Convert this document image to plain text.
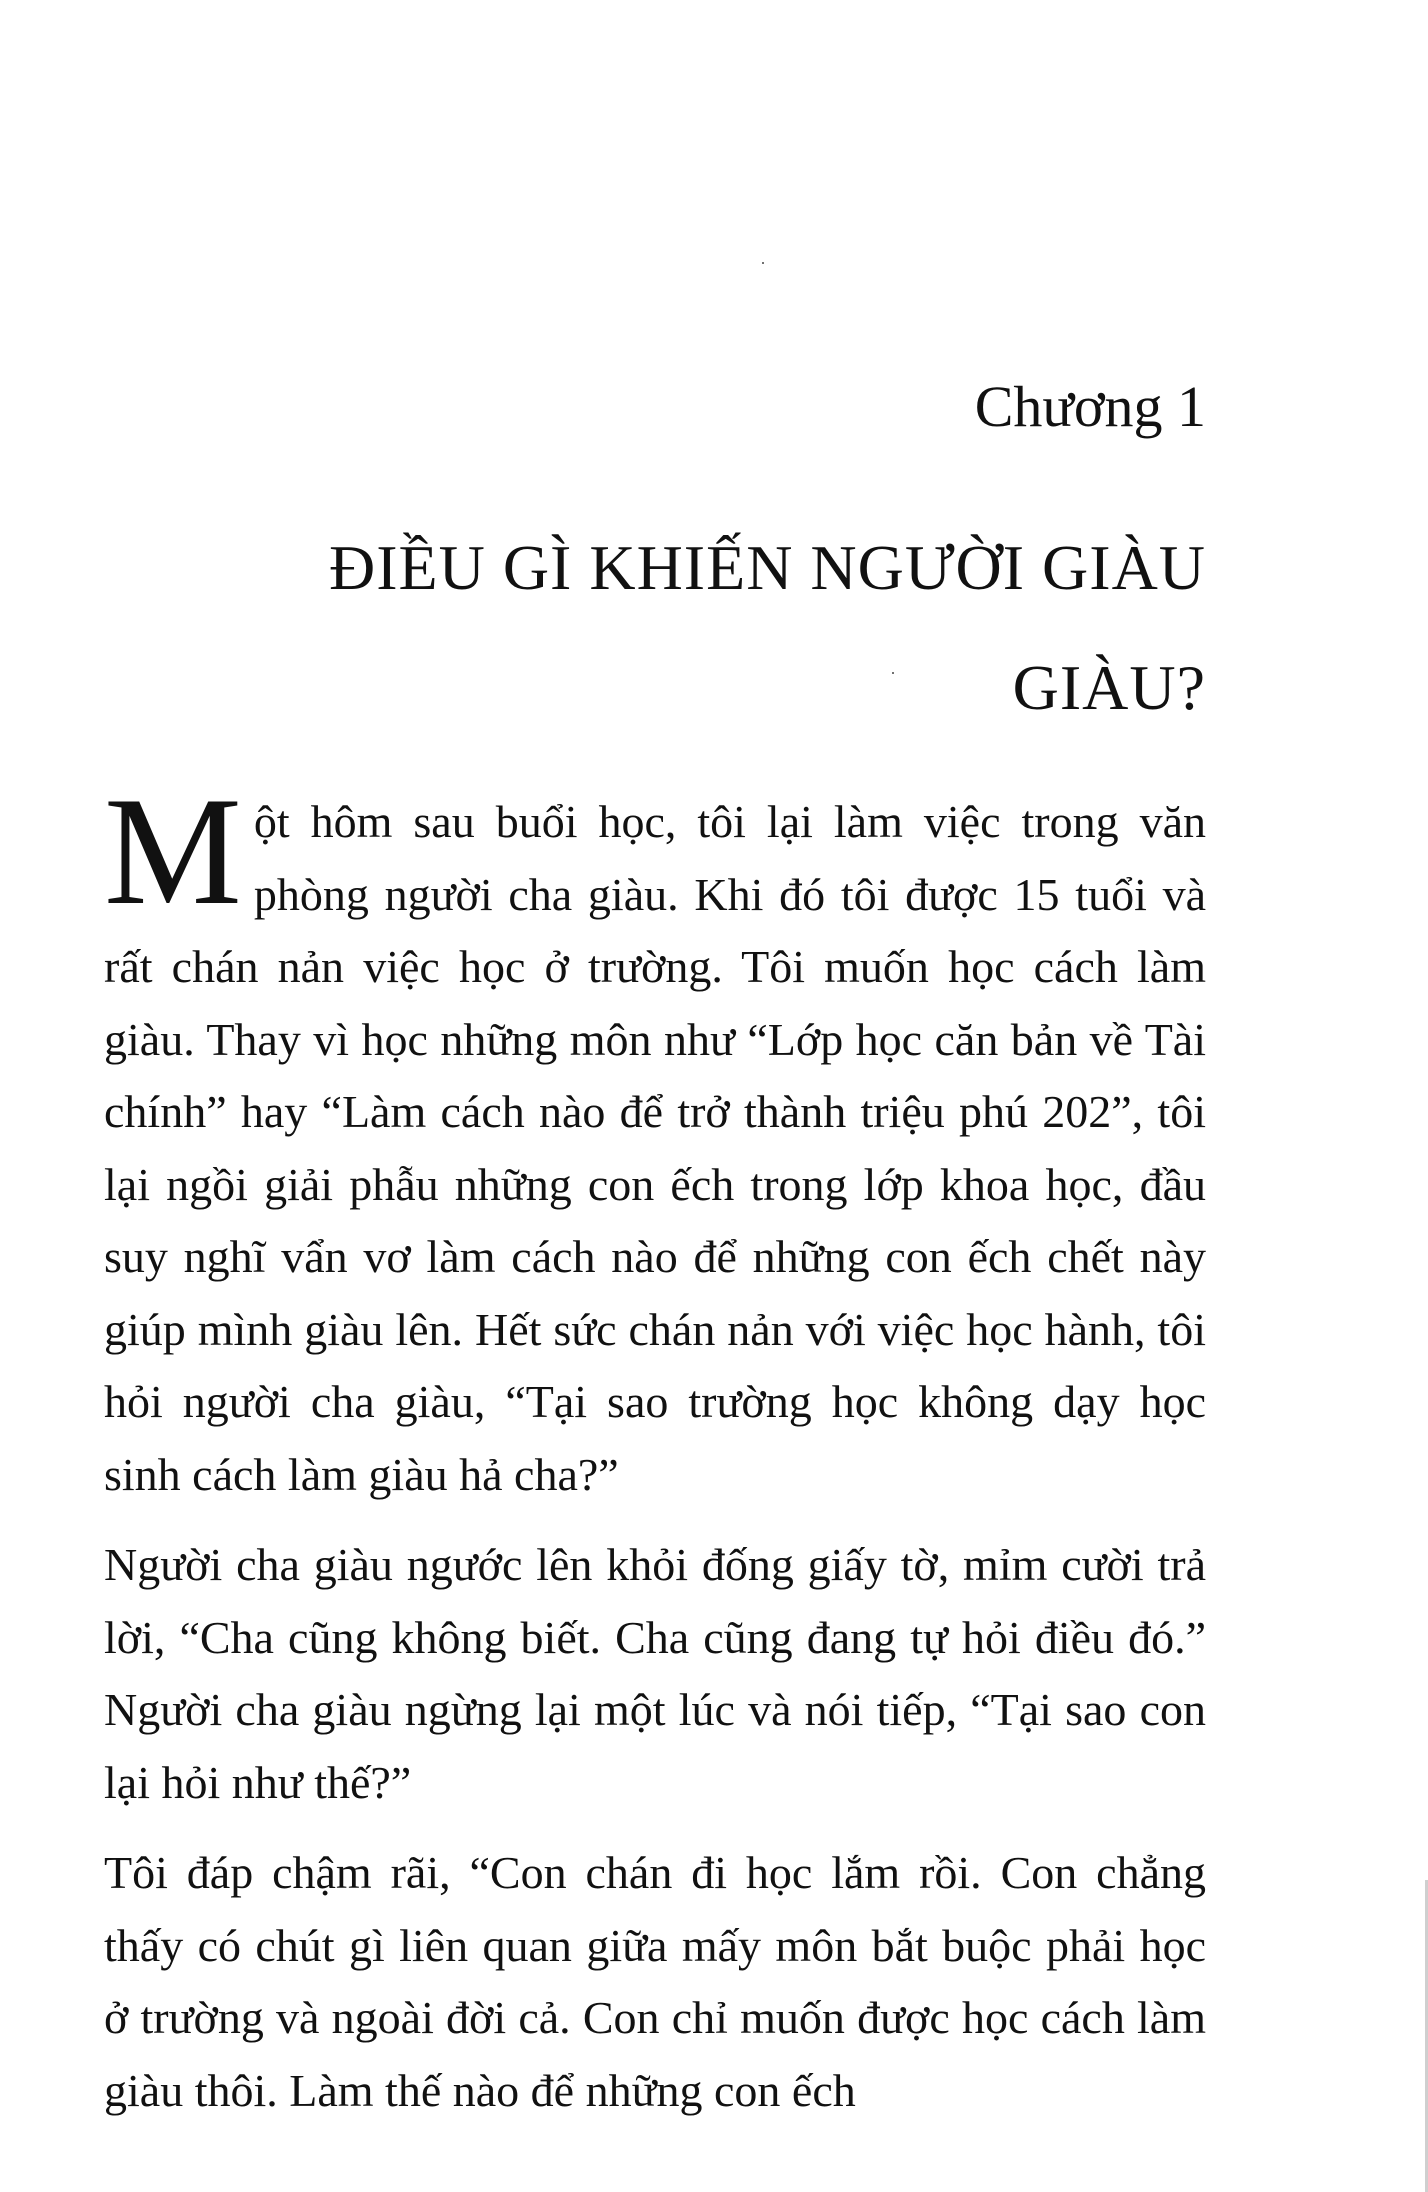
Chương 1
ĐIỀU GÌ KHIẾN NGƯỜI GIÀU
GIÀU?

Một hôm sau buổi học, tôi lại làm việc trong văn phòng người cha giàu. Khi đó tôi được 15 tuổi và rất chán nản việc học ở trường. Tôi muốn học cách làm giàu. Thay vì học những môn như “Lớp học căn bản về Tài chính” hay “Làm cách nào để trở thành triệu phú 202”, tôi lại ngồi giải phẫu những con ếch trong lớp khoa học, đầu suy nghĩ vẩn vơ làm cách nào để những con ếch chết này giúp mình giàu lên. Hết sức chán nản với việc học hành, tôi hỏi người cha giàu, “Tại sao trường học không dạy học sinh cách làm giàu hả cha?”

Người cha giàu ngước lên khỏi đống giấy tờ, mỉm cười trả lời, “Cha cũng không biết. Cha cũng đang tự hỏi điều đó.” Người cha giàu ngừng lại một lúc và nói tiếp, “Tại sao con lại hỏi như thế?”

Tôi đáp chậm rãi, “Con chán đi học lắm rồi. Con chẳng thấy có chút gì liên quan giữa mấy môn bắt buộc phải học ở trường và ngoài đời cả. Con chỉ muốn được học cách làm giàu thôi. Làm thế nào để những con ếch
